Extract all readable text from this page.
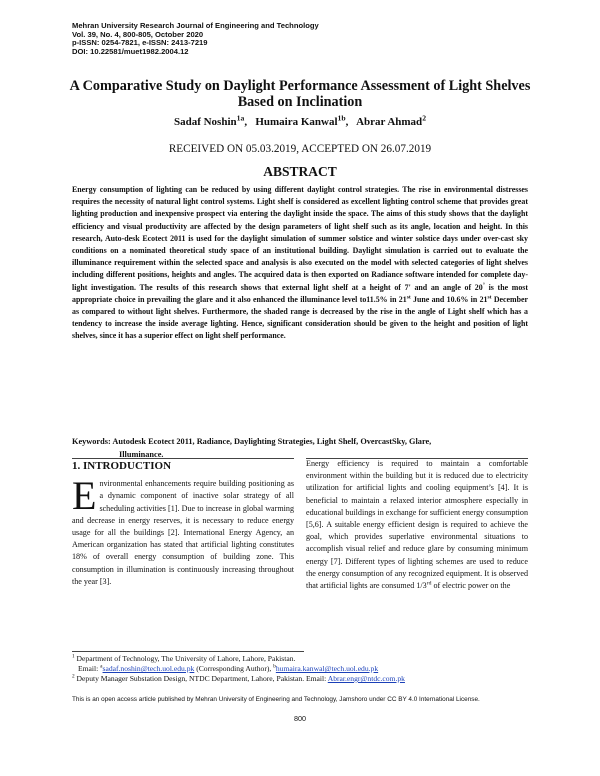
Mehran University Research Journal of Engineering and Technology
Vol. 39, No. 4, 800-805, October 2020
p-ISSN: 0254-7821, e-ISSN: 2413-7219
DOI: 10.22581/muet1982.2004.12
A Comparative Study on Daylight Performance Assessment of Light Shelves
Based on Inclination
Sadaf Noshin$^{1a}$, Humaira Kanwal$^{1b}$, Abrar Ahmad$^2$
RECEIVED ON 05.03.2019, ACCEPTED ON 26.07.2019
ABSTRACT

Energy consumption of lighting can be reduced by using different daylight control strategies. The rise in environmental distresses requires the necessity of natural light control systems. Light shelf is considered as excellent lighting control scheme that provides great lighting production and inexpensive prospect via entering the daylight inside the space. The aims of this study shows that the daylight efficiency and visual productivity are affected by the design parameters of light shelf such as its angle, location and height. In this research, Auto-desk Ecotect 2011 is used for the daylight simulation of summer solstice and winter solstice days under over-cast sky conditions on a nominated theoretical study space of an institutional building. Daylight simulation is carried out to evaluate the illuminance requirement within the selected space and analysis is also executed on the model with selected categories of light shelves including different positions, heights and angles. The acquired data is then exported on Radiance software intended for complete day-light investigation. The results of this research shows that external light shelf at a height of 7' and an angle of 20° is the most appropriate choice in prevailing the glare and it also enhanced the illuminance level to11.5% in 21st June and 10.6% in 21st December as compared to without light shelves. Furthermore, the shaded range is decreased by the rise in the angle of Light shelf which has a tendency to increase the inside average lighting. Hence, significant consideration should be given to the height and position of light shelves, since it has a superior effect on light shelf performance.

Keywords: Autodesk Ecotect 2011, Radiance, Daylighting Strategies, Light Shelf, OvercastSky, Glare,
Illuminance.
1. INTRODUCTION

Environmental enhancements require building positioning as a dynamic component of inactive solar strategy of all scheduling activities [1]. Due to increase in global warming and decrease in energy reserves, it is necessary to reduce energy usage for all the buildings [2]. International Energy Agency, an American organization has stated that artificial lighting constitutes 18% of overall energy consumption of building zone. This consumption in illumination is continuously increasing throughout the year [3].

Energy efficiency is required to maintain a comfortable environment within the building but it is reduced due to electricity utilization for artificial lights and cooling equipment’s [4]. It is beneficial to maintain a relaxed interior atmosphere especially in educational buildings in exchange for sufficient energy consumption [5,6]. A suitable energy efficient design is required to achieve the goal, which provides superlative environmental situations to accomplish visual relief and reduce glare by consuming minimum energy [7]. Different types of lighting schemes are used to reduce the energy consumption of any recognized equipment. It is observed that artificial lights are consumed 1/3rd of electric power on the

$^1$ Department of Technology, The University of Lahore, Lahore, Pakistan.
Email: $^a$sadaf.noshin@tech.uol.edu.pk (Corresponding Author), $^b$humaira.kanwal@tech.uol.edu.pk
$^2$ Deputy Manager Substation Design, NTDC Department, Lahore, Pakistan. Email: Abrar.engr@ntdc.com.pk
This is an open access article published by Mehran University of Engineering and Technology, Jamshoro under CC BY 4.0 International License.
800
